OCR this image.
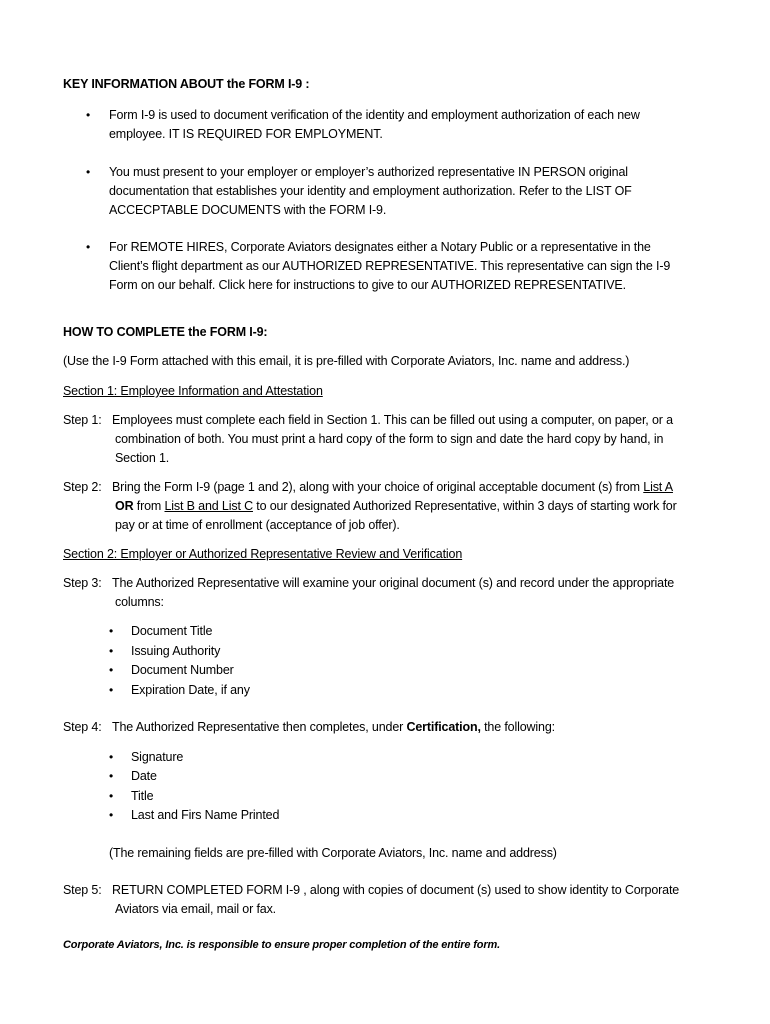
KEY INFORMATION ABOUT the FORM I-9 :
• Form I-9 is used to document verification of the identity and employment authorization of each new
employee. IT IS REQUIRED FOR EMPLOYMENT.
• You must present to your employer or employer’s authorized representative IN PERSON original
documentation that establishes your identity and employment authorization. Refer to the LIST OF
ACCECPTABLE DOCUMENTS with the FORM I-9.
• For REMOTE HIRES, Corporate Aviators designates either a Notary Public or a representative in the
Client’s flight department as our AUTHORIZED REPRESENTATIVE. This representative can sign the I-9
Form on our behalf. Click here for instructions to give to our AUTHORIZED REPRESENTATIVE.
HOW TO COMPLETE the FORM I-9:
(Use the I-9 Form attached with this email, it is pre-filled with Corporate Aviators, Inc. name and address.)
Section 1: Employee Information and Attestation
Step 1: Employees must complete each field in Section 1. This can be filled out using a computer, on paper, or a
combination of both. You must print a hard copy of the form to sign and date the hard copy by hand, in
Section 1.
Step 2: Bring the Form I-9 (page 1 and 2), along with your choice of original acceptable document (s) from List A
OR from List B and List C to our designated Authorized Representative, within 3 days of starting work for
pay or at time of enrollment (acceptance of job offer).
Section 2: Employer or Authorized Representative Review and Verification
Step 3: The Authorized Representative will examine your original document (s) and record under the appropriate
columns:
• Document Title
• Issuing Authority
• Document Number
• Expiration Date, if any
Step 4: The Authorized Representative then completes, under Certification, the following:
• Signature
• Date
• Title
• Last and Firs Name Printed
(The remaining fields are pre-filled with Corporate Aviators, Inc. name and address)
Step 5: RETURN COMPLETED FORM I-9 , along with copies of document (s) used to show identity to Corporate
Aviators via email, mail or fax.
Corporate Aviators, Inc. is responsible to ensure proper completion of the entire form.
